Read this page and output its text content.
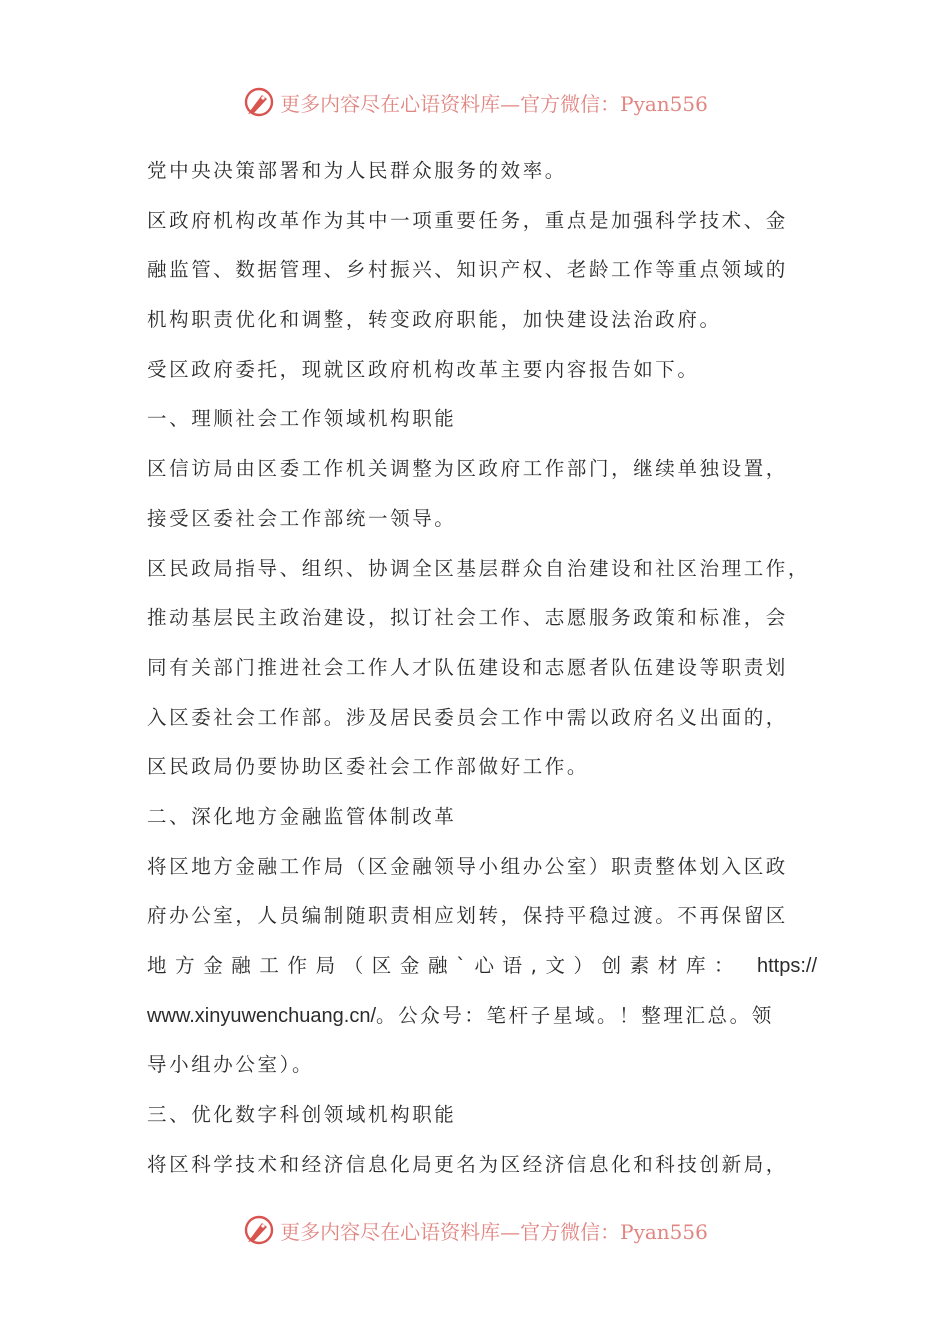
更多内容尽在心语资料库—官方微信：Pyan556
党中央决策部署和为人民群众服务的效率。
区政府机构改革作为其中一项重要任务，重点是加强科学技术、金
融监管、数据管理、乡村振兴、知识产权、老龄工作等重点领域的
机构职责优化和调整，转变政府职能，加快建设法治政府。
受区政府委托，现就区政府机构改革主要内容报告如下。
一、理顺社会工作领域机构职能
区信访局由区委工作机关调整为区政府工作部门，继续单独设置，
接受区委社会工作部统一领导。
区民政局指导、组织、协调全区基层群众自治建设和社区治理工作，
推动基层民主政治建设，拟订社会工作、志愿服务政策和标准，会
同有关部门推进社会工作人才队伍建设和志愿者队伍建设等职责划
入区委社会工作部。涉及居民委员会工作中需以政府名义出面的，
区民政局仍要协助区委社会工作部做好工作。
二、深化地方金融监管体制改革
将区地方金融工作局（区金融领导小组办公室）职责整体划入区政
府办公室，人员编制随职责相应划转，保持平稳过渡。不再保留区
地方金融工作局（区金融`心语,文）创素材库： https://
www.xinyuwenchuang.cn/。公众号：笔杆子星域。！整理汇总。领
导小组办公室）。
三、优化数字科创领域机构职能
将区科学技术和经济信息化局更名为区经济信息化和科技创新局，
更多内容尽在心语资料库—官方微信：Pyan556
